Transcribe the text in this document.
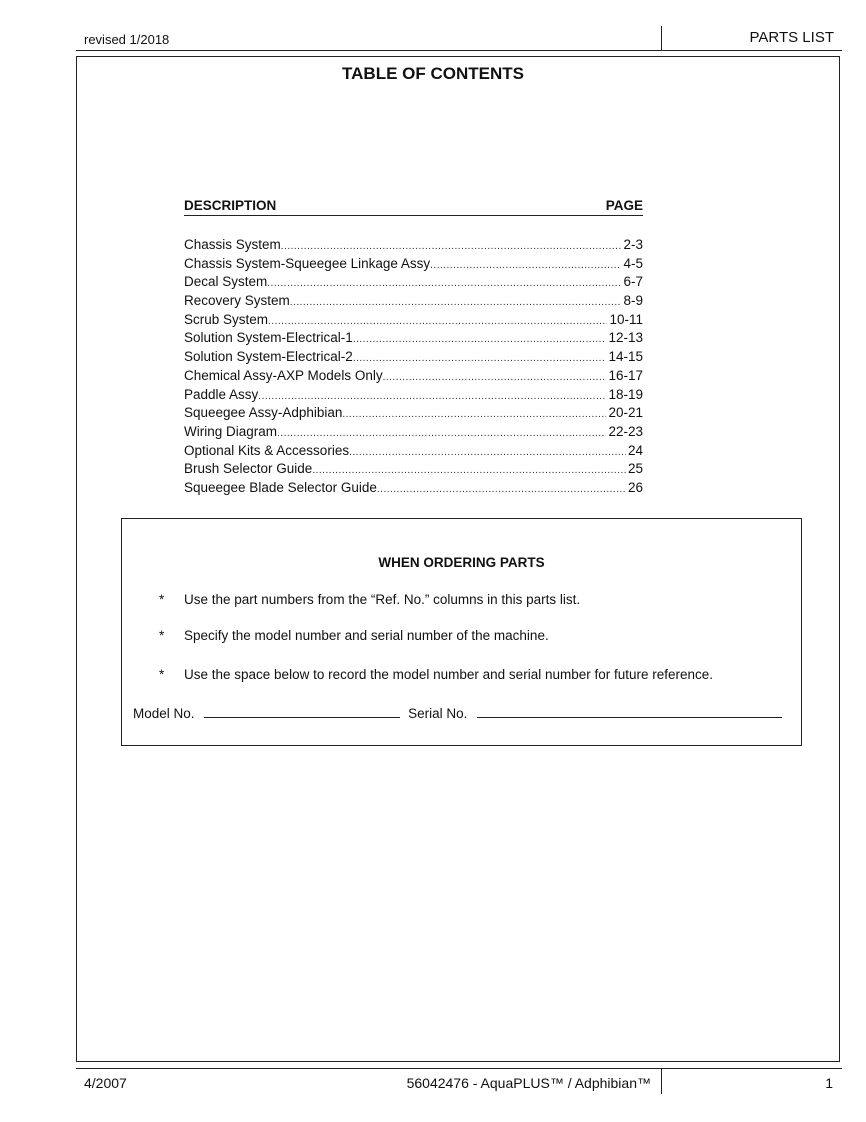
revised 1/2018	PARTS LIST
TABLE OF CONTENTS
DESCRIPTION	PAGE
Chassis System .....	2-3
Chassis System-Squeegee Linkage Assy .....	4-5
Decal System .....	6-7
Recovery System .....	8-9
Scrub System .....	10-11
Solution System-Electrical-1 .....	12-13
Solution System-Electrical-2 .....	14-15
Chemical Assy-AXP Models Only .....	16-17
Paddle Assy .....	18-19
Squeegee Assy-Adphibian .....	20-21
Wiring Diagram .....	22-23
Optional Kits & Accessories .....	24
Brush Selector Guide .....	25
Squeegee Blade Selector Guide .....	26
WHEN ORDERING PARTS
* Use the part numbers from the “Ref. No.” columns in this parts list.
* Specify the model number and serial number of the machine.
* Use the space below to record the model number and serial number for future reference.
Model No.	Serial No.
4/2007	56042476 - AquaPLUS™ / Adphibian™	1
